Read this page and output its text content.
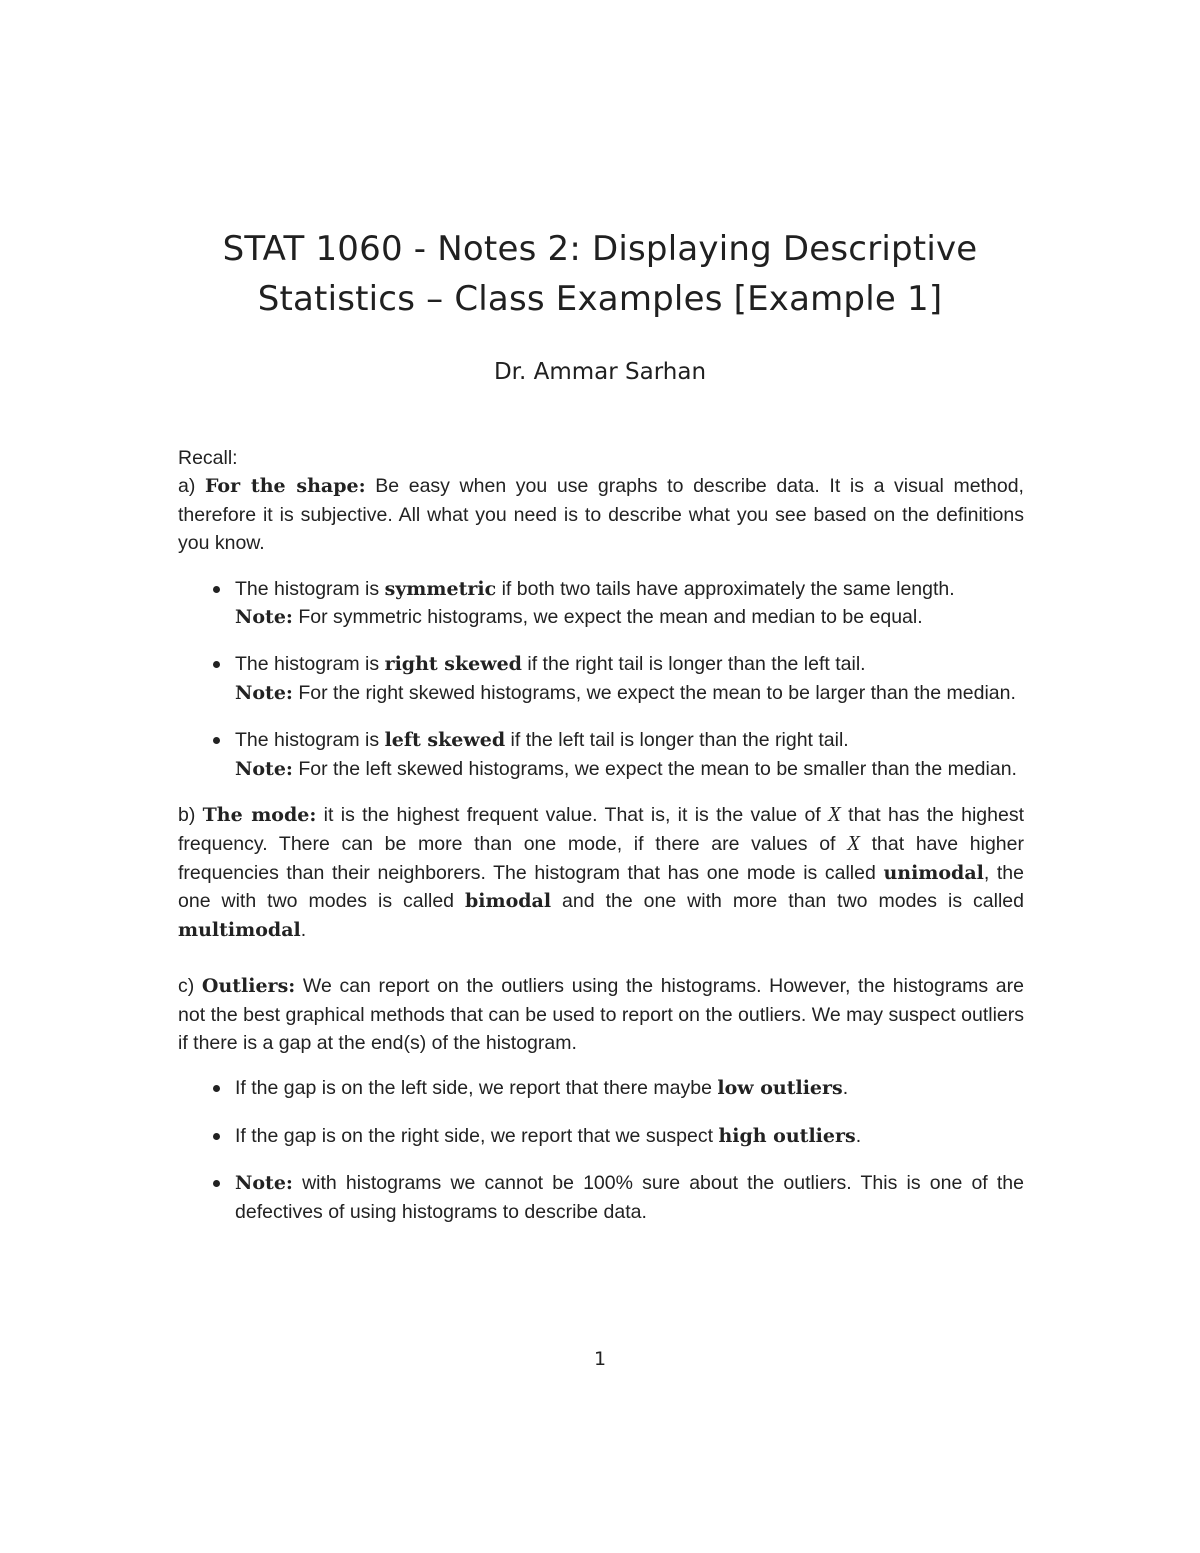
STAT 1060 - Notes 2: Displaying Descriptive
Statistics – Class Examples [Example 1]
Dr. Ammar Sarhan

Recall:

a) For the shape: Be easy when you use graphs to describe data. It is a visual method, therefore it is subjective. All what you need is to describe what you see based on the definitions you know.

The histogram is symmetric if both two tails have approximately the same length.
Note: For symmetric histograms, we expect the mean and median to be equal.
The histogram is right skewed if the right tail is longer than the left tail.
Note: For the right skewed histograms, we expect the mean to be larger than the median.
The histogram is left skewed if the left tail is longer than the right tail.
Note: For the left skewed histograms, we expect the mean to be smaller than the median.

b) The mode: it is the highest frequent value. That is, it is the value of X that has the highest frequency. There can be more than one mode, if there are values of X that have higher frequencies than their neighborers. The histogram that has one mode is called unimodal, the one with two modes is called bimodal and the one with more than two modes is called multimodal.

c) Outliers: We can report on the outliers using the histograms. However, the histograms are not the best graphical methods that can be used to report on the outliers. We may suspect outliers if there is a gap at the end(s) of the histogram.

If the gap is on the left side, we report that there maybe low outliers.
If the gap is on the right side, we report that we suspect high outliers.
Note: with histograms we cannot be 100% sure about the outliers. This is one of the defectives of using histograms to describe data.
1
